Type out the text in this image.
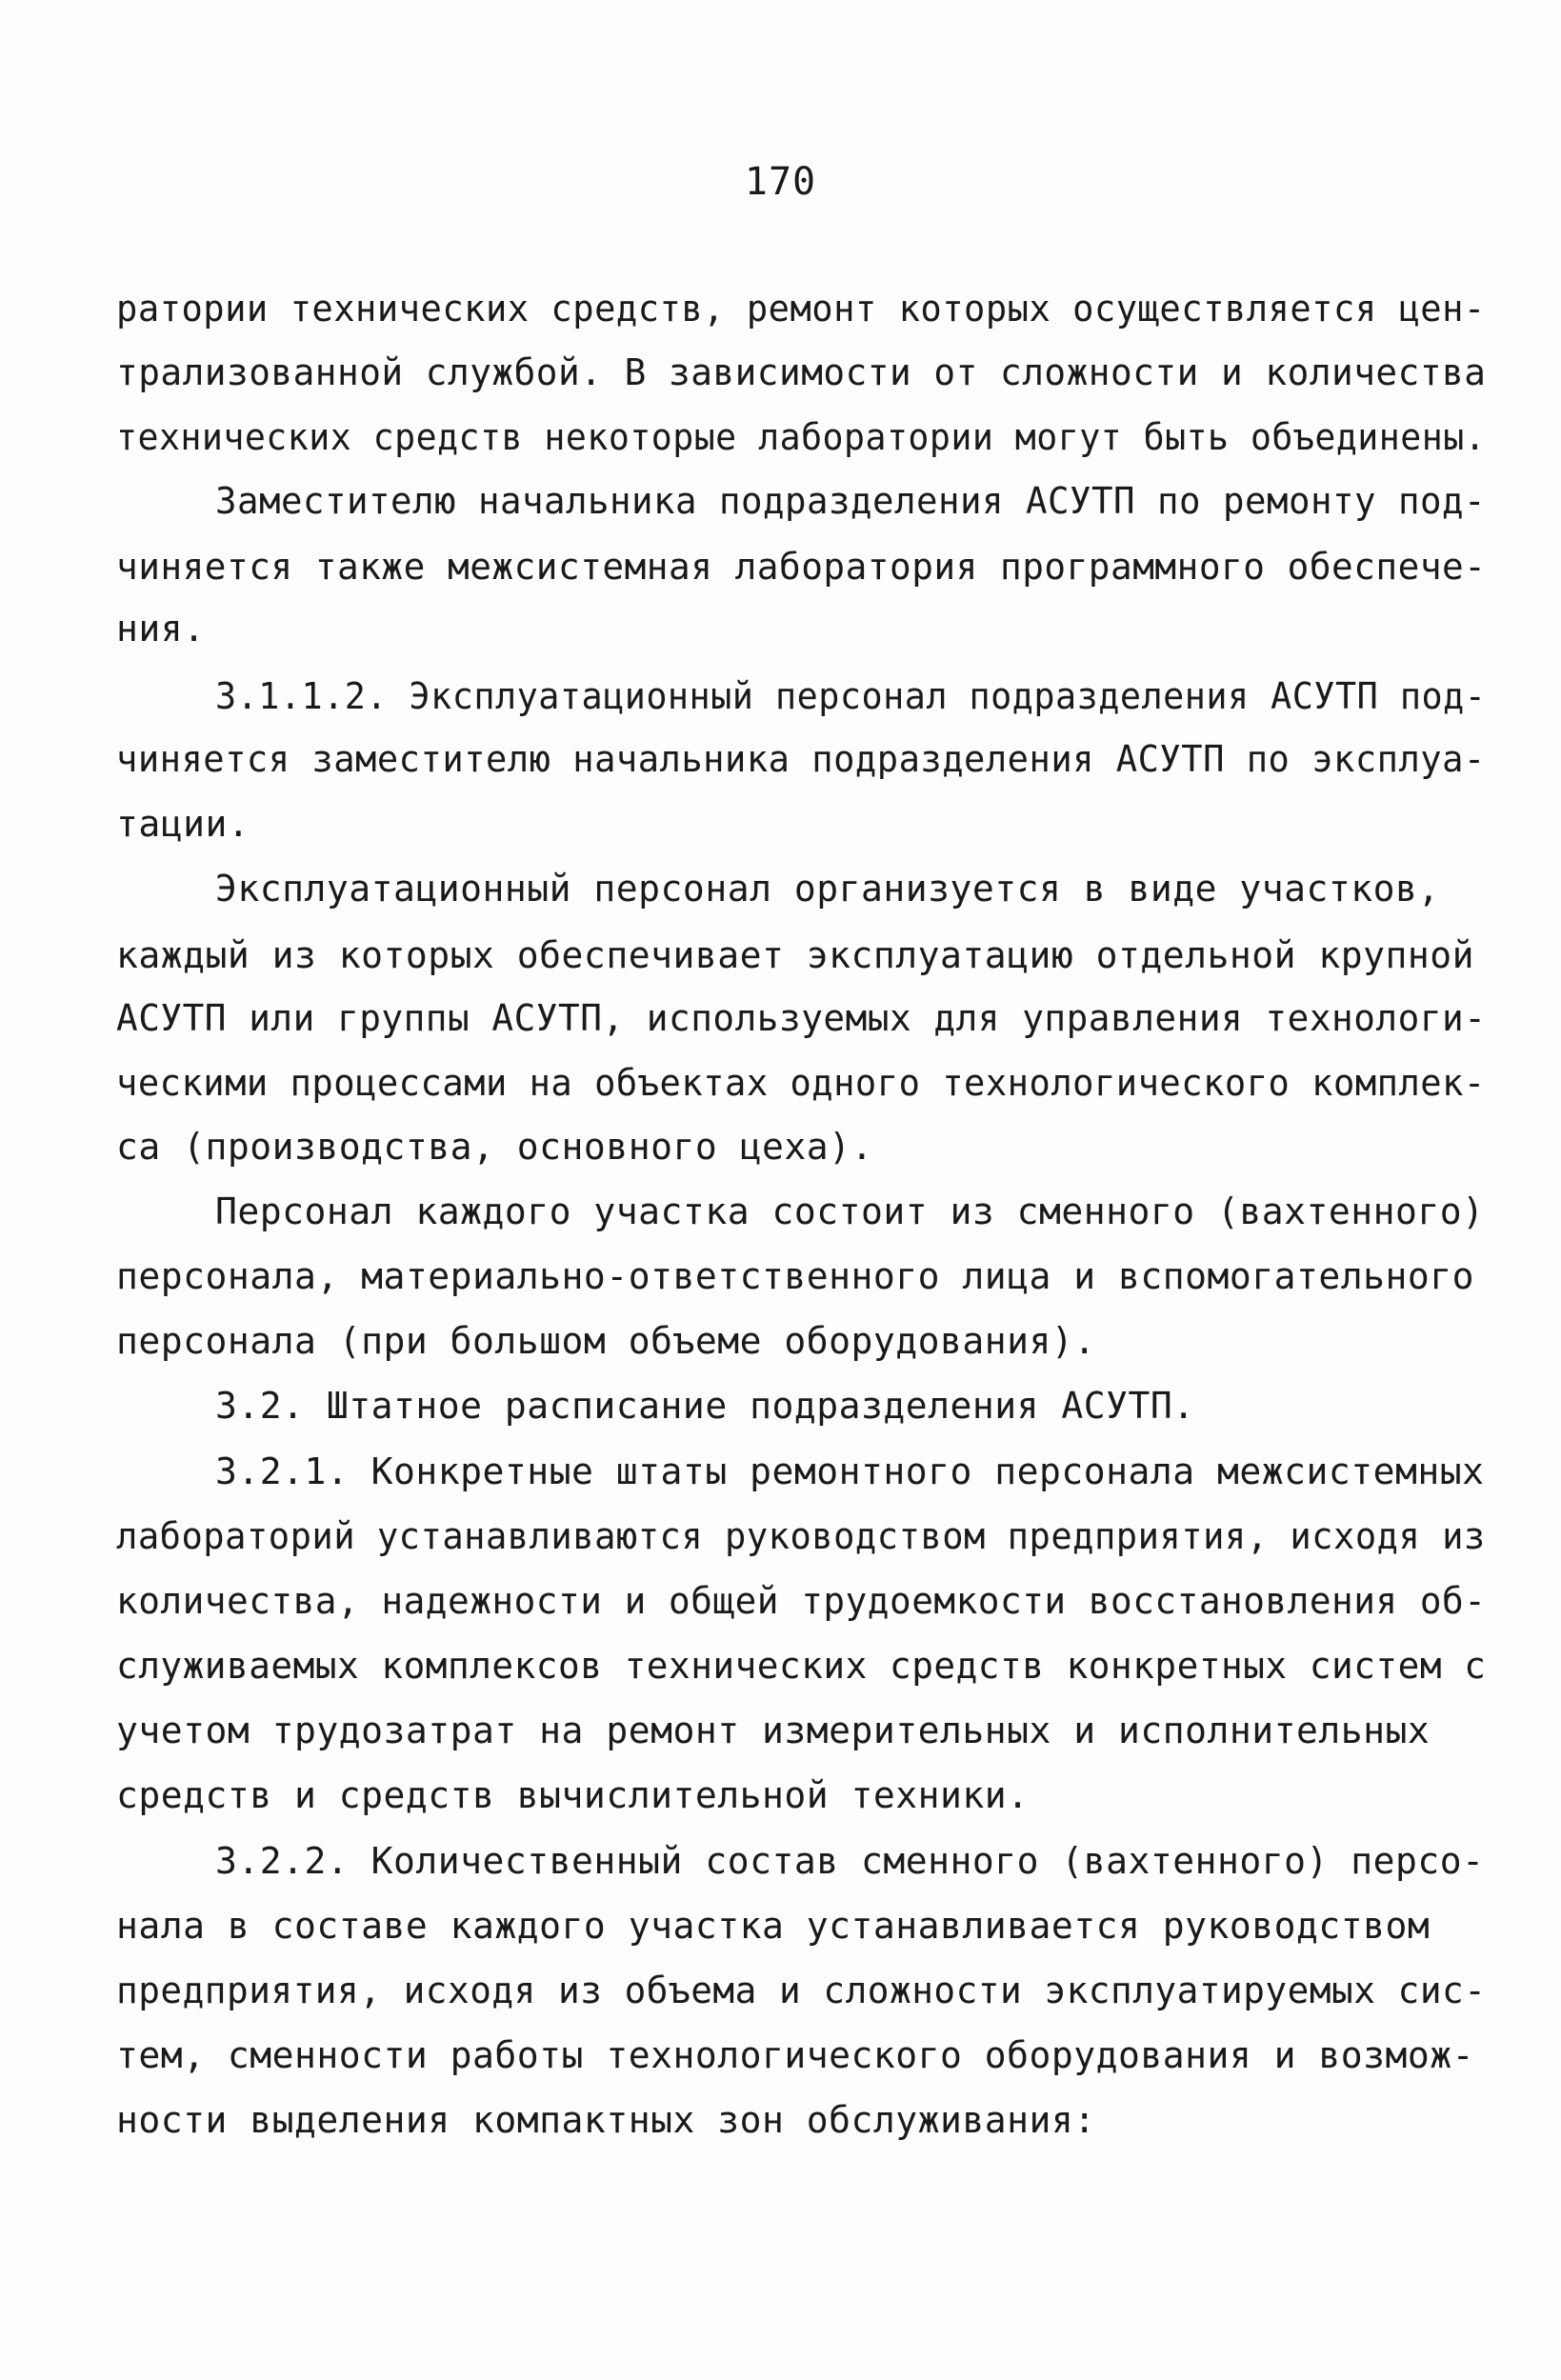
170
ратории технических средств, ремонт которых осуществляется цен-
трализованной службой. В зависимости от сложности и количества
технических средств некоторые лаборатории могут быть объединены.
Заместителю начальника подразделения АСУТП по ремонту под-
чиняется также межсистемная лаборатория программного обеспече-
ния.
3.1.1.2. Эксплуатационный персонал подразделения АСУТП под-
чиняется заместителю начальника подразделения АСУТП по эксплуа-
тации.
Эксплуатационный персонал организуется в виде участков,
каждый из которых обеспечивает эксплуатацию отдельной крупной
АСУТП или группы АСУТП, используемых для управления технологи-
ческими процессами на объектах одного технологического комплек-
са (производства, основного цеха).
Персонал каждого участка состоит из сменного (вахтенного)
персонала, материально-ответственного лица и вспомогательного
персонала (при большом объеме оборудования).
3.2. Штатное расписание подразделения АСУТП.
3.2.1. Конкретные штаты ремонтного персонала межсистемных
лабораторий устанавливаются руководством предприятия, исходя из
количества, надежности и общей трудоемкости восстановления об-
служиваемых комплексов технических средств конкретных систем с
учетом трудозатрат на ремонт измерительных и исполнительных
средств и средств вычислительной техники.
3.2.2. Количественный состав сменного (вахтенного) персо-
нала в составе каждого участка устанавливается руководством
предприятия, исходя из объема и сложности эксплуатируемых сис-
тем, сменности работы технологического оборудования и возмож-
ности выделения компактных зон обслуживания:
